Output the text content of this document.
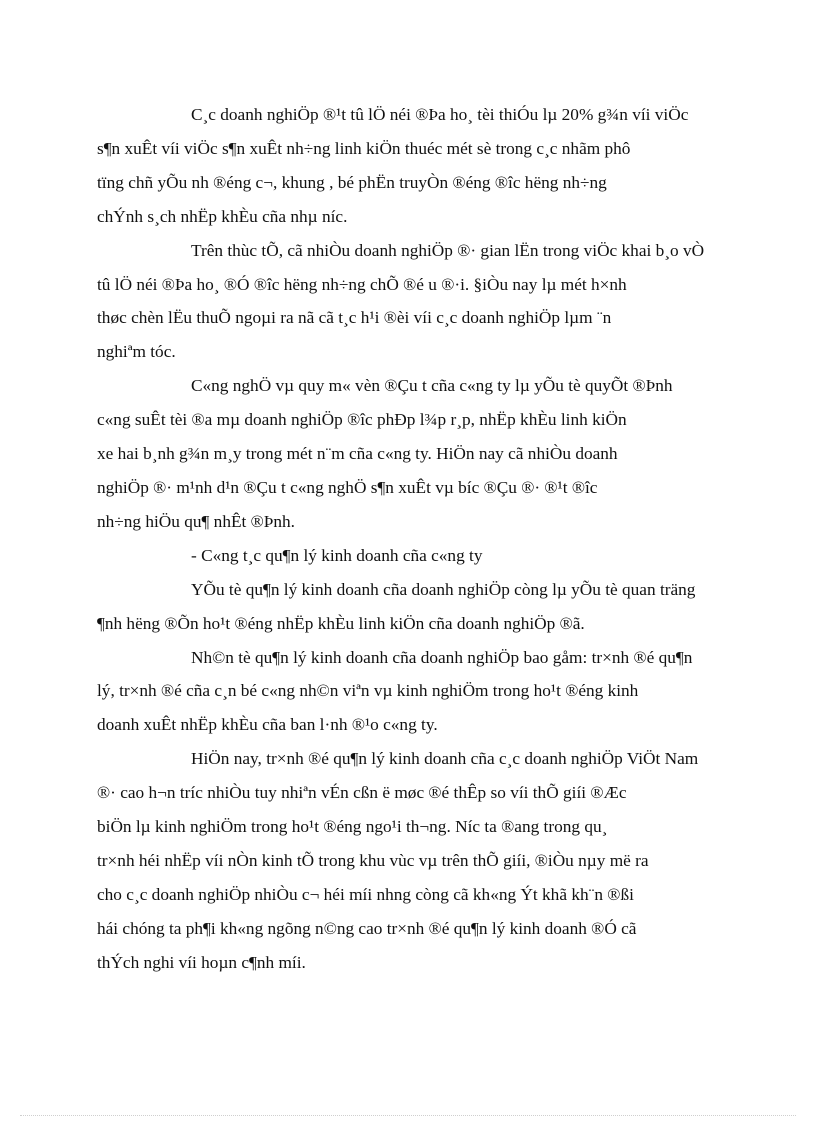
C¸c doanh nghiÖp ®¹t tû lÖ néi ®Þa ho¸ tèi thiÓu lµ 20% g¾n víi viÖc
s¶n xuÊt víi viÖc s¶n xuÊt nh÷ng linh kiÖn thuéc mét sè trong c¸c nhãm phô
tïng chñ yÕu nh ®éng c¬, khung , bé phËn truyÒn ®éng ®îc hëng nh÷ng
chÝnh s¸ch nhËp khÈu cña nhµ níc.

Trên thùc tÕ, cã nhiÒu doanh nghiÖp ®· gian lËn trong viÖc khai b¸o vÒ
tû lÖ néi ®Þa ho¸ ®Ó ®îc hëng nh÷ng chÕ ®é u ®·i. §iÒu nay lµ mét h×nh
thøc chèn lËu thuÕ ngoµi ra nã cã t¸c h¹i ®èi víi c¸c doanh nghiÖp lµm ¨n
nghiªm tóc.

C«ng nghÖ vµ quy m« vèn ®Çu t cña c«ng ty lµ yÕu tè quyÕt ®Þnh
c«ng suÊt tèi ®a mµ doanh nghiÖp ®îc phÐp l¾p r¸p, nhËp khÈu linh kiÖn
xe hai b¸nh g¾n m¸y trong mét n¨m cña c«ng ty. HiÖn nay cã nhiÒu doanh
nghiÖp ®· m¹nh d¹n ®Çu t c«ng nghÖ s¶n xuÊt vµ bíc ®Çu ®· ®¹t ®îc
nh÷ng hiÖu qu¶ nhÊt ®Þnh.

- C«ng t¸c qu¶n lý kinh doanh cña c«ng ty

YÕu tè qu¶n lý kinh doanh cña doanh nghiÖp còng lµ yÕu tè quan träng
¶nh hëng ®Õn ho¹t ®éng nhËp khÈu linh kiÖn cña doanh nghiÖp ®ã.

Nh©n tè qu¶n lý kinh doanh cña doanh nghiÖp bao gåm: tr×nh ®é qu¶n
lý, tr×nh ®é cña c¸n bé c«ng nh©n viªn vµ kinh nghiÖm trong ho¹t ®éng kinh
doanh xuÊt nhËp khÈu cña ban l·nh ®¹o c«ng ty.

HiÖn nay, tr×nh ®é qu¶n lý kinh doanh cña c¸c doanh nghiÖp ViÖt Nam
®· cao h¬n tríc nhiÒu tuy nhiªn vÉn cßn ë møc ®é thÊp so víi thÕ giíi ®Æc
biÖn lµ kinh nghiÖm trong ho¹t ®éng ngo¹i th¬ng. Níc ta ®ang trong qu¸
tr×nh héi nhËp víi nÒn kinh tÕ trong khu vùc vµ trên thÕ giíi, ®iÒu nµy më ra
cho c¸c doanh nghiÖp nhiÒu c¬ héi míi nhng còng cã kh«ng Ýt khã kh¨n ®ßi
hái chóng ta ph¶i kh«ng ngõng n©ng cao tr×nh ®é qu¶n lý kinh doanh ®Ó cã
thÝch nghi víi hoµn c¶nh míi.
